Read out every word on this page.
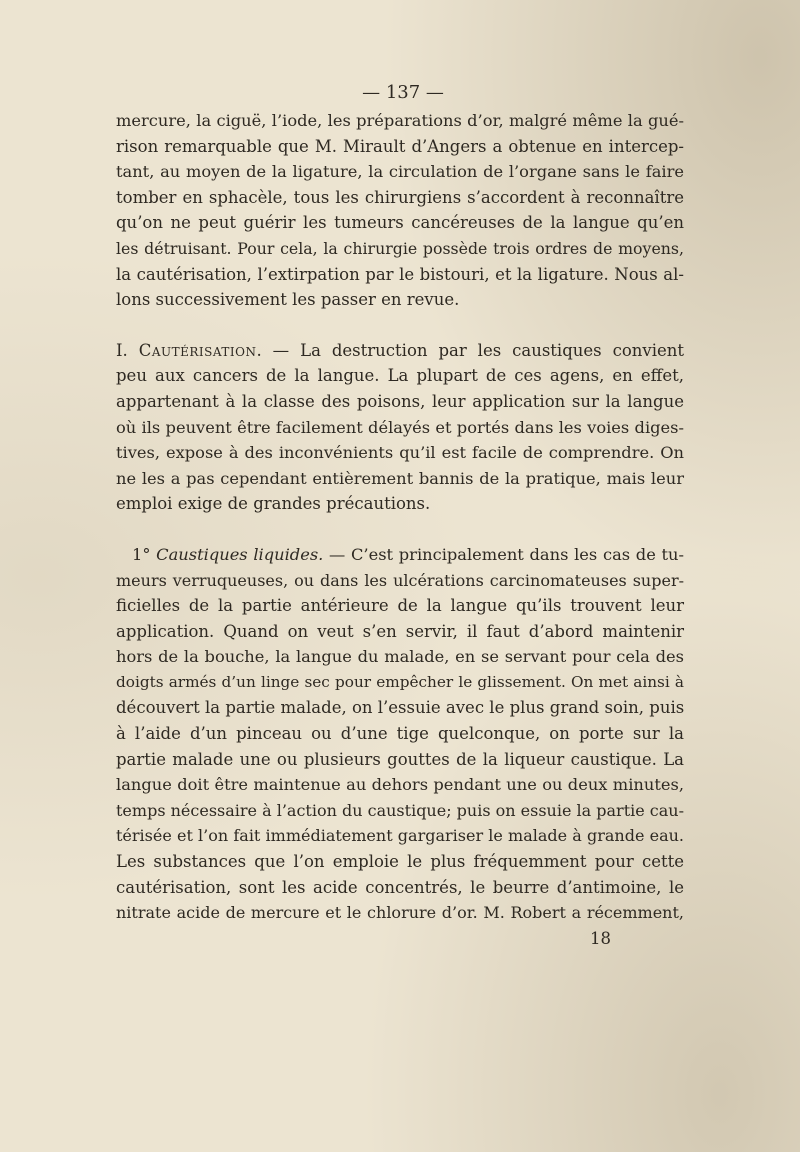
— 137 —
mercure, la ciguë, l’iode, les préparations d’or, malgré même la gué-
rison remarquable que M. Mirault d’Angers a obtenue en intercep-
tant, au moyen de la ligature, la circulation de l’organe sans le faire
tomber en sphacèle, tous les chirurgiens s’accordent à reconnaître
qu’on ne peut guérir les tumeurs cancéreuses de la langue qu’en
les détruisant. Pour cela, la chirurgie possède trois ordres de moyens,
la cautérisation, l’extirpation par le bistouri, et la ligature. Nous al-
lons successivement les passer en revue.
I. Cautérisation. — La destruction par les caustiques convient
peu aux cancers de la langue. La plupart de ces agens, en effet,
appartenant à la classe des poisons, leur application sur la langue
où ils peuvent être facilement délayés et portés dans les voies diges-
tives, expose à des inconvénients qu’il est facile de comprendre. On
ne les a pas cependant entièrement bannis de la pratique, mais leur
emploi exige de grandes précautions.
1° Caustiques liquides. — C’est principalement dans les cas de tu-
meurs verruqueuses, ou dans les ulcérations carcinomateuses super-
ficielles de la partie antérieure de la langue qu’ils trouvent leur
application. Quand on veut s’en servir, il faut d’abord maintenir
hors de la bouche, la langue du malade, en se servant pour cela des
doigts armés d’un linge sec pour empêcher le glissement. On met ainsi à
découvert la partie malade, on l’essuie avec le plus grand soin, puis
à l’aide d’un pinceau ou d’une tige quelconque, on porte sur la
partie malade une ou plusieurs gouttes de la liqueur caustique. La
langue doit être maintenue au dehors pendant une ou deux minutes,
temps nécessaire à l’action du caustique; puis on essuie la partie cau-
térisée et l’on fait immédiatement gargariser le malade à grande eau.
Les substances que l’on emploie le plus fréquemment pour cette
cautérisation, sont les acide concentrés, le beurre d’antimoine, le
nitrate acide de mercure et le chlorure d’or. M. Robert a récemment,
18
